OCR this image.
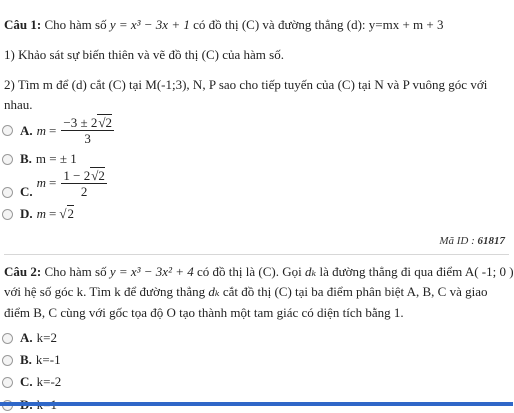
Câu 1: Cho hàm số y = x³ − 3x + 1 có đồ thị (C) và đường thẳng (d): y=mx + m + 3
1) Khảo sát sự biến thiên và vẽ đồ thị (C) của hàm số.
2) Tìm m để (d) cắt (C) tại M(-1;3), N, P sao cho tiếp tuyến của (C) tại N và P vuông góc với
nhau.
A. $m = \frac{-3 \pm 2√2}{3}$
B. m = ± 1
C.
$m = \frac{1 - 2√2}{2}$
D. m = √2
Mã ID : 61817
Câu 2: Cho hàm số y = x³ − 3x² + 4 có đồ thị là (C). Gọi dₖ là đường thẳng đi qua điểm A( -1; 0 )
với hệ số góc k. Tìm k để đường thẳng dₖ cắt đồ thị (C) tại ba điểm phân biệt A, B, C và giao
điểm B, C cùng với gốc tọa độ O tạo thành một tam giác có diện tích bằng 1.
A. k=2
B. k=-1
C. k=-2
